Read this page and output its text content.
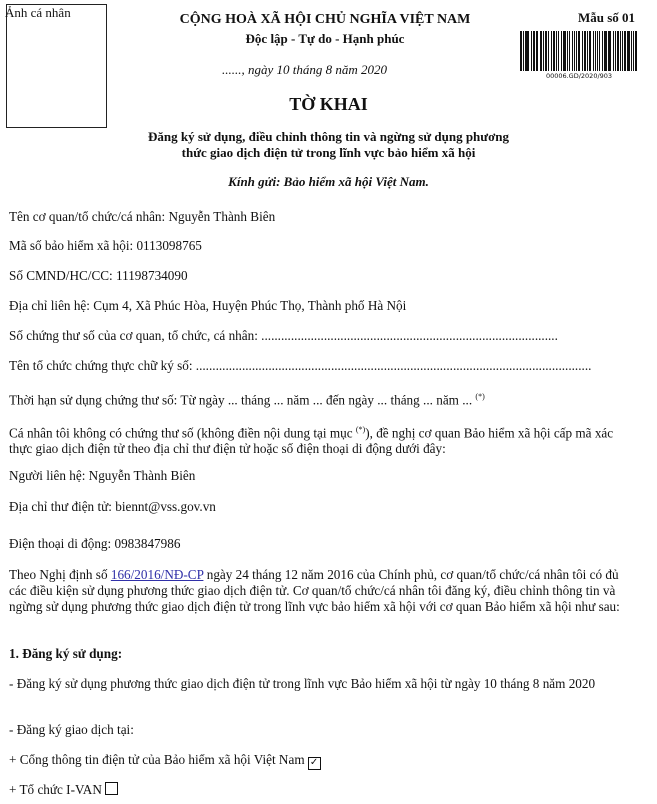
Ảnh cá nhân	CỘNG HOÀ XÃ HỘI CHỦ NGHĨA VIỆT NAM
Độc lập - Tự do - Hạnh phúc
Mẫu số 01
00006.GD/2020/903
......, ngày 10 tháng 8 năm 2020
TỜ KHAI
Đăng ký sử dụng, điều chỉnh thông tin và ngừng sử dụng phương
thức giao dịch điện tử trong lĩnh vực bảo hiểm xã hội
Kính gửi: Bảo hiểm xã hội Việt Nam.

Tên cơ quan/tổ chức/cá nhân: Nguyễn Thành Biên

Mã số bảo hiểm xã hội: 0113098765

Số CMND/HC/CC: 11198734090

Địa chỉ liên hệ: Cụm 4, Xã Phúc Hòa, Huyện Phúc Thọ, Thành phố Hà Nội

Số chứng thư số của cơ quan, tổ chức, cá nhân: ..........................................................................................

Tên tổ chức chứng thực chữ ký số: ........................................................................................................................

Thời hạn sử dụng chứng thư số: Từ ngày ... tháng ... năm ... đến ngày ... tháng ... năm ... (*)

Cá nhân tôi không có chứng thư số (không điền nội dung tại mục (*)), đề nghị cơ quan Bảo hiểm xã hội cấp mã xác thực giao dịch điện tử theo địa chỉ thư điện tử hoặc số điện thoại di động dưới đây:

Người liên hệ: Nguyễn Thành Biên

Địa chỉ thư điện tử: biennt@vss.gov.vn

Điện thoại di động: 0983847986

Theo Nghị định số 166/2016/NĐ-CP ngày 24 tháng 12 năm 2016 của Chính phủ, cơ quan/tổ chức/cá nhân tôi có đủ các điều kiện sử dụng phương thức giao dịch điện tử. Cơ quan/tổ chức/cá nhân tôi đăng ký, điều chỉnh thông tin và ngừng sử dụng phương thức giao dịch điện tử trong lĩnh vực bảo hiểm xã hội với cơ quan Bảo hiểm xã hội như sau:

1. Đăng ký sử dụng:

- Đăng ký sử dụng phương thức giao dịch điện tử trong lĩnh vực Bảo hiểm xã hội từ ngày 10 tháng 8 năm 2020

- Đăng ký giao dịch tại:

+ Cổng thông tin điện tử của Bảo hiểm xã hội Việt Nam ✓

+ Tổ chức I-VAN
